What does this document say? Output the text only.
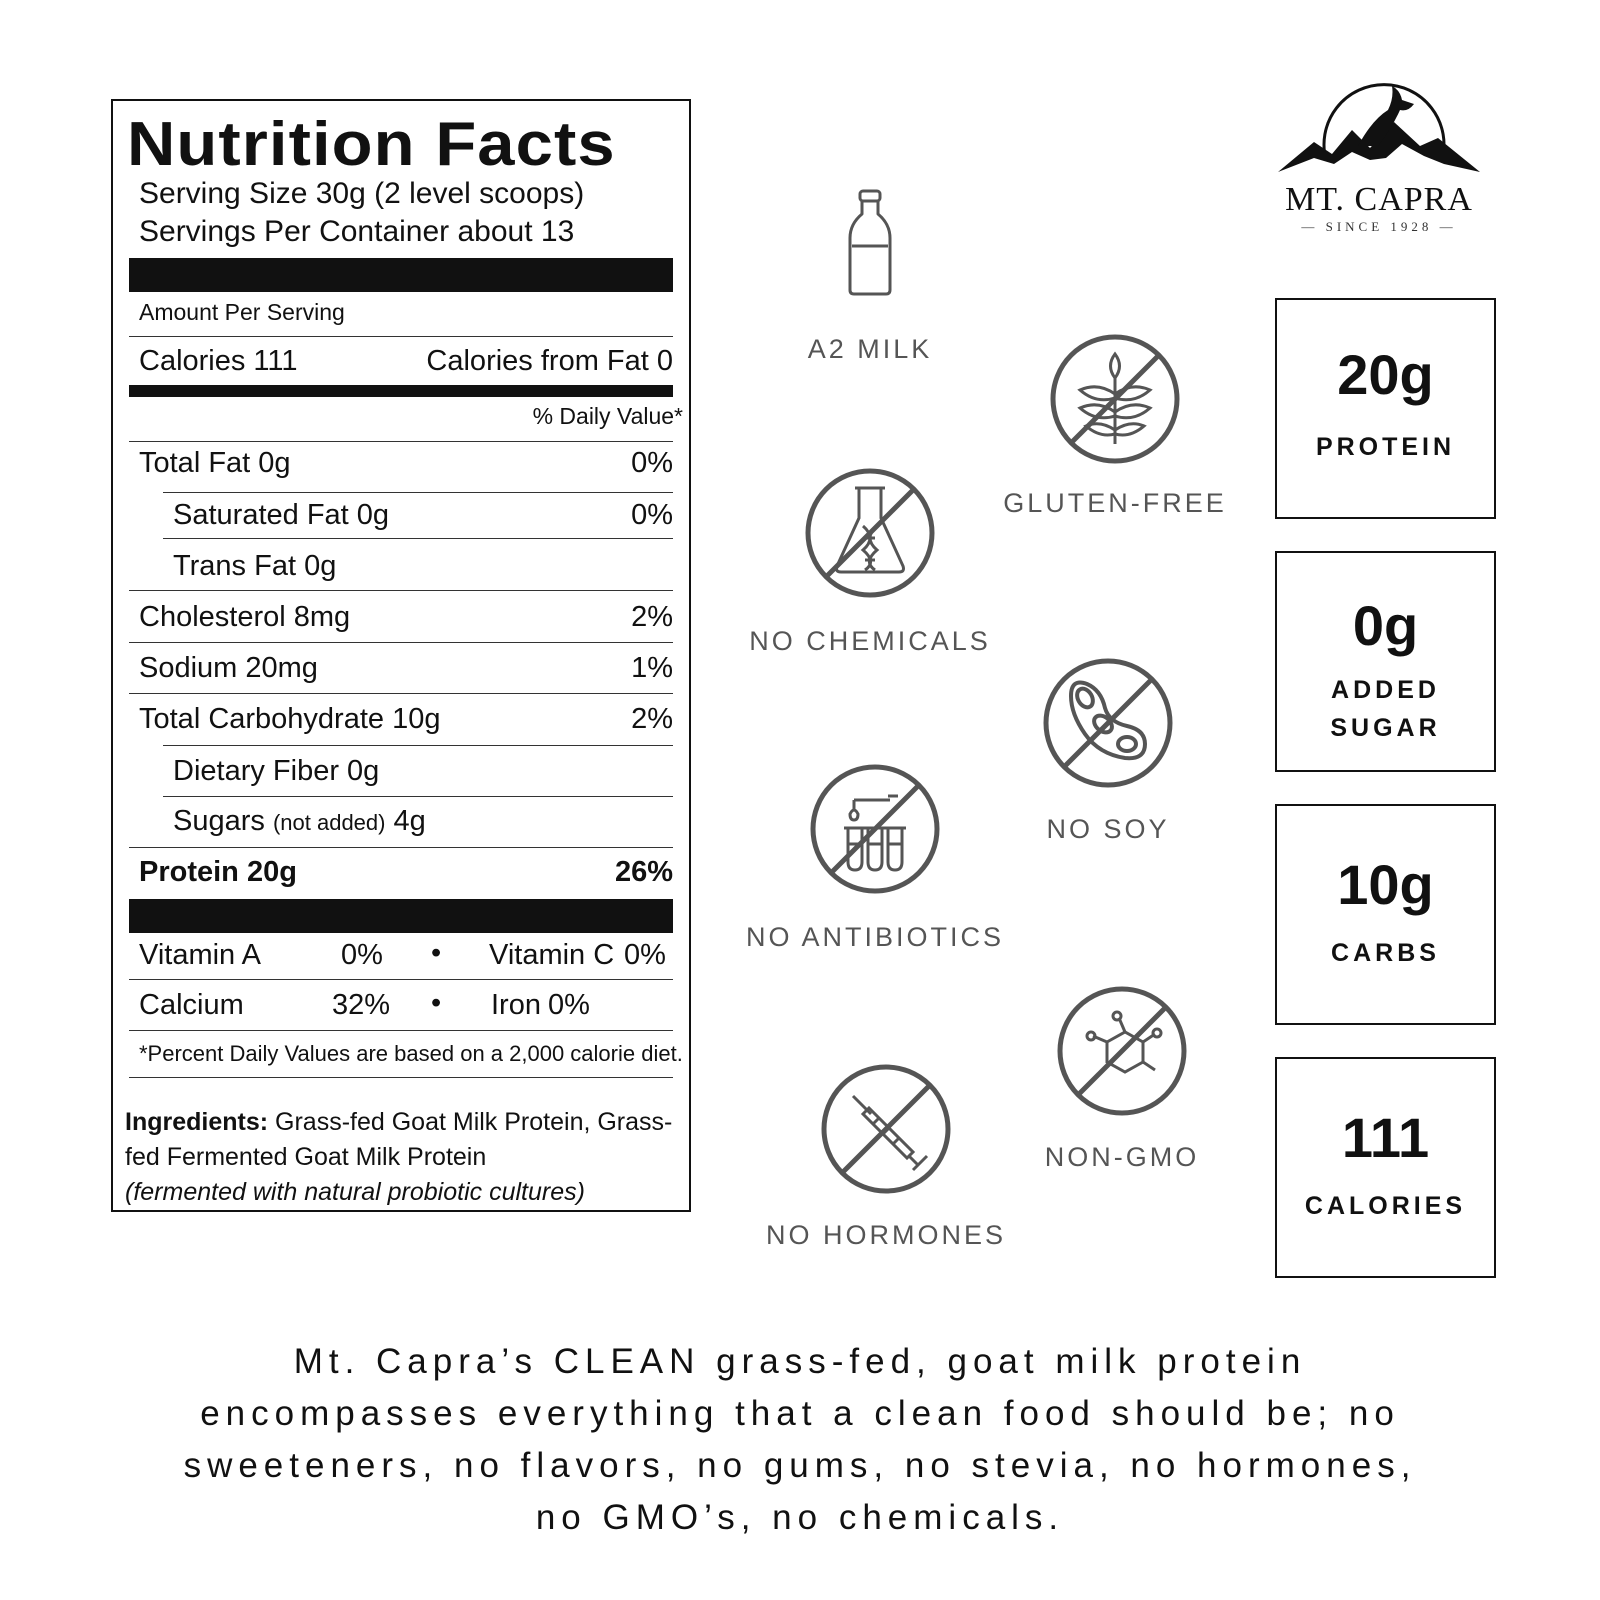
Nutrition Facts
Serving Size 30g (2 level scoops)
Servings Per Container about 13
Amount Per Serving
Calories 111	Calories from Fat 0
% Daily Value*
Total Fat 0g	0%
Saturated Fat 0g	0%
Trans Fat 0g
Cholesterol 8mg	2%
Sodium 20mg	1%
Total Carbohydrate 10g	2%
Dietary Fiber 0g
Sugars (not added) 4g
Protein 20g	26%
Vitamin A	0% • Vitamin C 0%
Calcium	32% • Iron 0%
*Percent Daily Values are based on a 2,000 calorie diet.
Ingredients: Grass-fed Goat Milk Protein, Grass-fed Fermented Goat Milk Protein
(fermented with natural probiotic cultures)
A2 MILK
GLUTEN-FREE
NO CHEMICALS
NO SOY
NO ANTIBIOTICS
NON-GMO
NO HORMONES
MT. CAPRA
— SINCE 1928 —
20g
PROTEIN
0g
ADDED
SUGAR
10g
CARBS
111
CALORIES
Mt. Capra’s CLEAN grass-fed, goat milk protein
encompasses everything that a clean food should be; no
sweeteners, no flavors, no gums, no stevia, no hormones,
no GMO’s, no chemicals.
